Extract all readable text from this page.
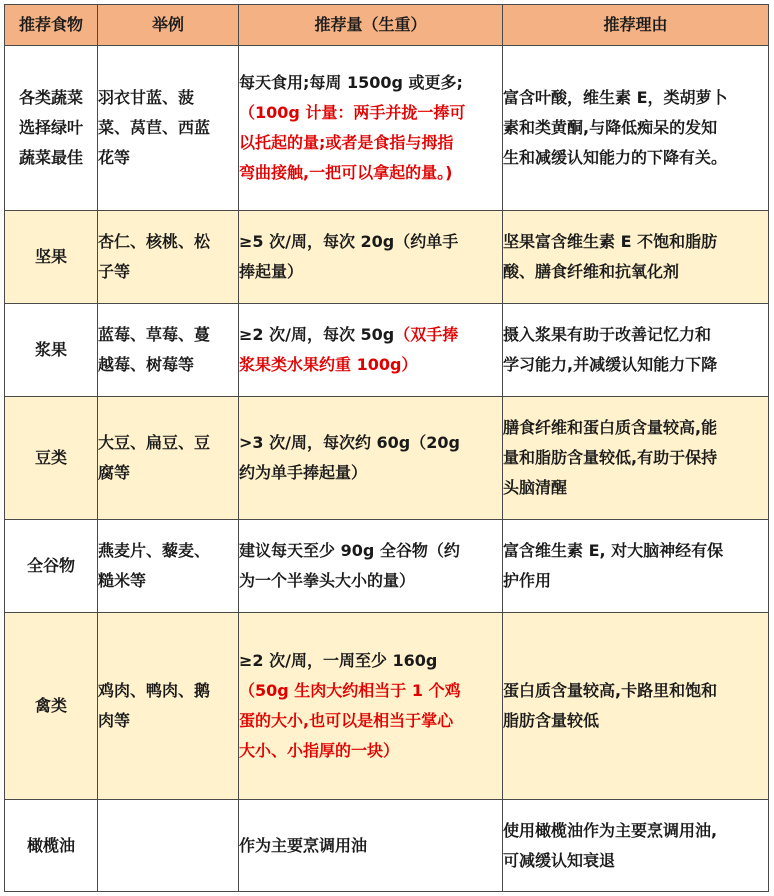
推荐食物	举例	推荐量（生重）	推荐理由

各类蔬菜
选择绿叶
蔬菜最佳	羽衣甘蓝、菠
菜、莴苣、西蓝
花等	每天食用;每周 1500g 或更多;
（100g 计量：两手并拢一捧可
以托起的量;或者是食指与拇指
弯曲接触,一把可以拿起的量。)	富含叶酸，维生素 E，类胡萝卜
素和类黄酮,与降低痴呆的发知
生和减缓认知能力的下降有关。

坚果	杏仁、核桃、松
子等	≥5 次/周，每次 20g（约单手
捧起量）	坚果富含维生素 E 不饱和脂肪
酸、膳食纤维和抗氧化剂

浆果	蓝莓、草莓、蔓
越莓、树莓等	≥2 次/周，每次 50g（双手捧
浆果类水果约重 100g）	摄入浆果有助于改善记忆力和
学习能力,并减缓认知能力下降

豆类	大豆、扁豆、豆
腐等	>3 次/周，每次约 60g（20g
约为单手捧起量）	膳食纤维和蛋白质含量较高,能
量和脂肪含量较低,有助于保持
头脑清醒

全谷物	燕麦片、藜麦、
糙米等	建议每天至少 90g 全谷物（约
为一个半拳头大小的量）	富含维生素 E, 对大脑神经有保
护作用

禽类	鸡肉、鸭肉、鹅
肉等	≥2 次/周，一周至少 160g
（50g 生肉大约相当于 1 个鸡
蛋的大小,也可以是相当于掌心
大小、小指厚的一块）	蛋白质含量较高,卡路里和饱和
脂肪含量较低

橄榄油		作为主要烹调用油	使用橄榄油作为主要烹调用油,
可减缓认知衰退
